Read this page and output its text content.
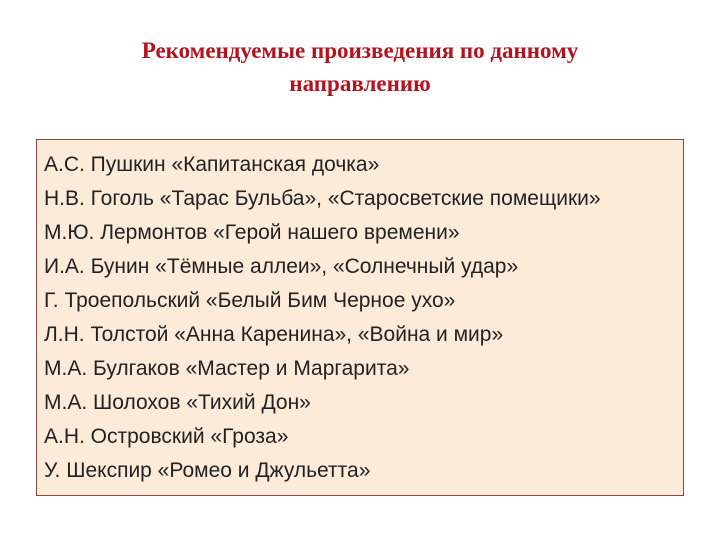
Рекомендуемые произведения по данному
направлению
А.С. Пушкин «Капитанская дочка»
Н.В. Гоголь «Тарас Бульба», «Старосветские помещики»
М.Ю. Лермонтов «Герой нашего времени»
И.А. Бунин «Тёмные аллеи», «Солнечный удар»
Г. Троепольский «Белый Бим Черное ухо»
Л.Н. Толстой «Анна Каренина», «Война и мир»
М.А. Булгаков «Мастер и Маргарита»
М.А. Шолохов «Тихий Дон»
А.Н. Островский «Гроза»
У. Шекспир «Ромео и Джульетта»
